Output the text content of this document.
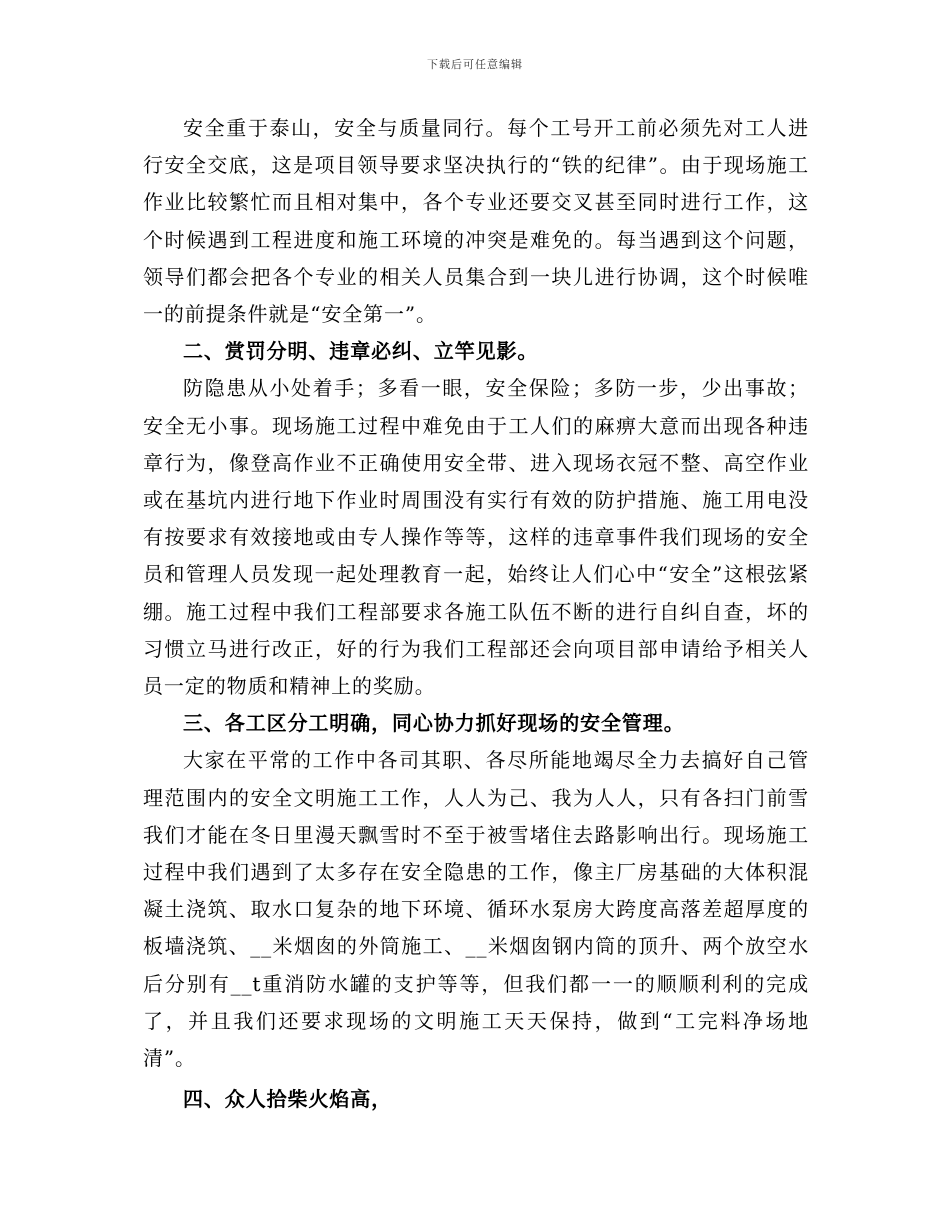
下载后可任意编辑

安全重于泰山，安全与质量同行。每个工号开工前必须先对工人进行安全交底，这是项目领导要求坚决执行的“铁的纪律”。由于现场施工作业比较繁忙而且相对集中，各个专业还要交叉甚至同时进行工作，这个时候遇到工程进度和施工环境的冲突是难免的。每当遇到这个问题，领导们都会把各个专业的相关人员集合到一块儿进行协调，这个时候唯一的前提条件就是“安全第一”。

二、赏罚分明、违章必纠、立竿见影。

防隐患从小处着手；多看一眼，安全保险；多防一步，少出事故；安全无小事。现场施工过程中难免由于工人们的麻痹大意而出现各种违章行为，像登高作业不正确使用安全带、进入现场衣冠不整、高空作业或在基坑内进行地下作业时周围没有实行有效的防护措施、施工用电没有按要求有效接地或由专人操作等等，这样的违章事件我们现场的安全员和管理人员发现一起处理教育一起，始终让人们心中“安全”这根弦紧绷。施工过程中我们工程部要求各施工队伍不断的进行自纠自查，坏的习惯立马进行改正，好的行为我们工程部还会向项目部申请给予相关人员一定的物质和精神上的奖励。

三、各工区分工明确，同心协力抓好现场的安全管理。

大家在平常的工作中各司其职、各尽所能地竭尽全力去搞好自己管理范围内的安全文明施工工作，人人为己、我为人人，只有各扫门前雪我们才能在冬日里漫天飘雪时不至于被雪堵住去路影响出行。现场施工过程中我们遇到了太多存在安全隐患的工作，像主厂房基础的大体积混凝土浇筑、取水口复杂的地下环境、循环水泵房大跨度高落差超厚度的板墙浇筑、__米烟囱的外筒施工、__米烟囱钢内筒的顶升、两个放空水后分别有__t重消防水罐的支护等等，但我们都一一的顺顺利利的完成了，并且我们还要求现场的文明施工天天保持，做到“工完料净场地清”。

四、众人拾柴火焰高，
